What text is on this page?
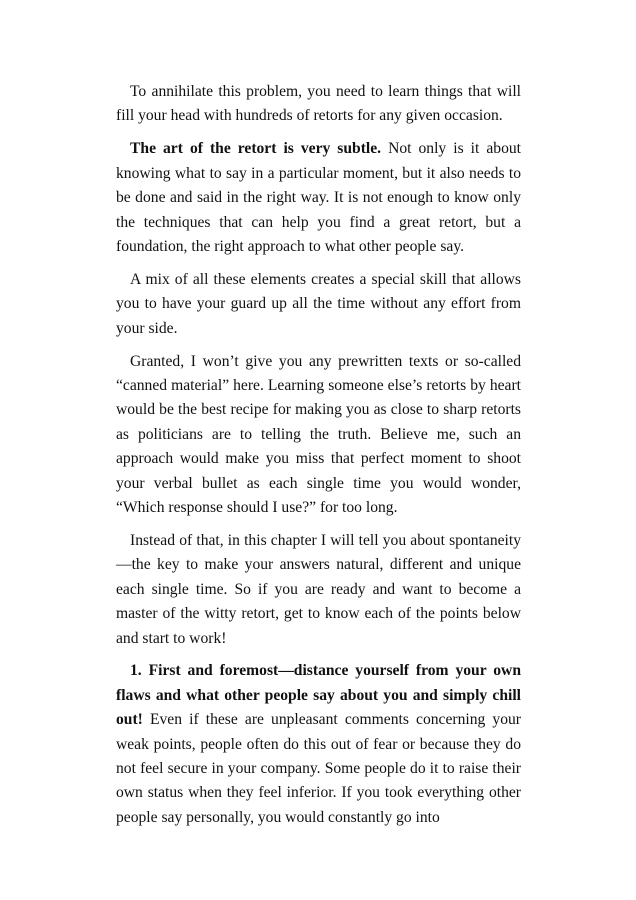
To annihilate this problem, you need to learn things that will fill your head with hundreds of retorts for any given occasion.

The art of the retort is very subtle. Not only is it about knowing what to say in a particular moment, but it also needs to be done and said in the right way. It is not enough to know only the techniques that can help you find a great retort, but a foundation, the right approach to what other people say.

A mix of all these elements creates a special skill that allows you to have your guard up all the time without any effort from your side.

Granted, I won’t give you any prewritten texts or so-called “canned material” here. Learning someone else’s retorts by heart would be the best recipe for making you as close to sharp retorts as politicians are to telling the truth. Believe me, such an approach would make you miss that perfect moment to shoot your verbal bullet as each single time you would wonder, “Which response should I use?” for too long.

Instead of that, in this chapter I will tell you about spontaneity—the key to make your answers natural, different and unique each single time. So if you are ready and want to become a master of the witty retort, get to know each of the points below and start to work!

1. First and foremost—distance yourself from your own flaws and what other people say about you and simply chill out! Even if these are unpleasant comments concerning your weak points, people often do this out of fear or because they do not feel secure in your company. Some people do it to raise their own status when they feel inferior. If you took everything other people say personally, you would constantly go into
